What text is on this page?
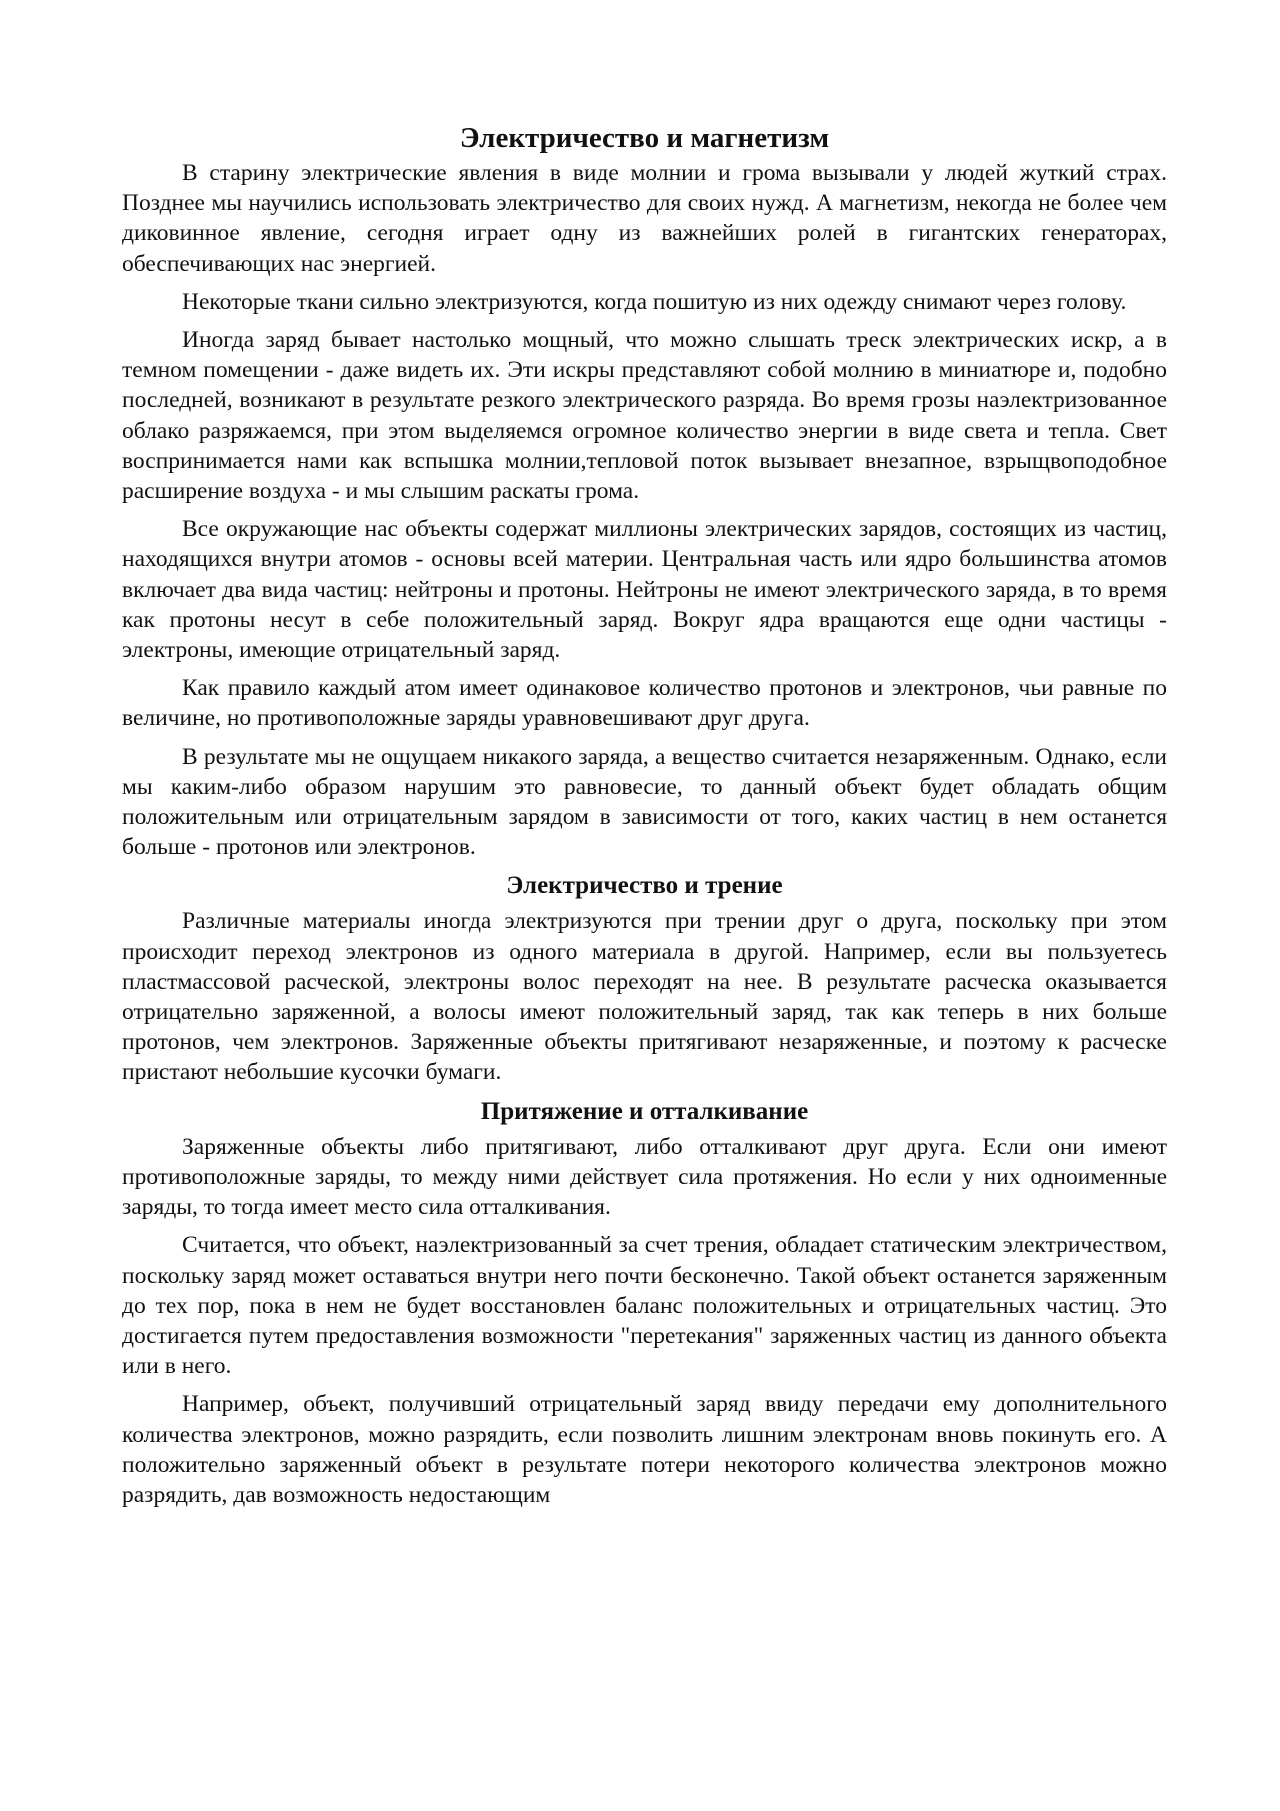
Электричество и магнетизм

В старину электрические явления в виде молнии и грома вызывали у людей жуткий страх. Позднее мы научились использовать электричество для своих нужд. А магнетизм, некогда не более чем диковинное явление, сегодня играет одну из важнейших ролей в гигантских генераторах, обеспечивающих нас энергией.

Некоторые ткани сильно электризуются, когда пошитую из них одежду снимают через голову.

Иногда заряд бывает настолько мощный, что можно слышать треск электрических искр, а в темном помещении - даже видеть их. Эти искры представляют собой молнию в миниатюре и, подобно последней, возникают в результате резкого электрического разряда. Во время грозы наэлектризованное облако разряжаемся, при этом выделяемся огромное количество энергии в виде света и тепла. Свет воспринимается нами как вспышка молнии,тепловой поток вызывает внезапное, взрыщвоподобное расширение воздуха - и мы слышим раскаты грома.

Все окружающие нас объекты содержат миллионы электрических зарядов, состоящих из частиц, находящихся внутри атомов - основы всей материи. Центральная часть или ядро большинства атомов включает два вида частиц: нейтроны и протоны. Нейтроны не имеют электрического заряда, в то время как протоны несут в себе положительный заряд. Вокруг ядра вращаются еще одни частицы - электроны, имеющие отрицательный заряд.

Как правило каждый атом имеет одинаковое количество протонов и электронов, чьи равные по величине, но противоположные заряды уравновешивают друг друга.

В результате мы не ощущаем никакого заряда, а вещество считается незаряженным. Однако, если мы каким-либо образом нарушим это равновесие, то данный объект будет обладать общим положительным или отрицательным зарядом в зависимости от того, каких частиц в нем останется больше - протонов или электронов.

Электричество и трение

Различные материалы иногда электризуются при трении друг о друга, поскольку при этом происходит переход электронов из одного материала в другой. Например, если вы пользуетесь пластмассовой расческой, электроны волос переходят на нее. В результате расческа оказывается отрицательно заряженной, а волосы имеют положительный заряд, так как теперь в них больше протонов, чем электронов. Заряженные объекты притягивают незаряженные, и поэтому к расческе пристают небольшие кусочки бумаги.

Притяжение и отталкивание

Заряженные объекты либо притягивают, либо отталкивают друг друга. Если они имеют противоположные заряды, то между ними действует сила протяжения. Но если у них одноименные заряды, то тогда имеет место сила отталкивания.

Считается, что объект, наэлектризованный за счет трения, обладает статическим электричеством, поскольку заряд может оставаться внутри него почти бесконечно. Такой объект останется заряженным до тех пор, пока в нем не будет восстановлен баланс положительных и отрицательных частиц. Это достигается путем предоставления возможности "перетекания" заряженных частиц из данного объекта или в него.

Например, объект, получивший отрицательный заряд ввиду передачи ему дополнительного количества электронов, можно разрядить, если позволить лишним электронам вновь покинуть его. А положительно заряженный объект в результате потери некоторого количества электронов можно разрядить, дав возможность недостающим
